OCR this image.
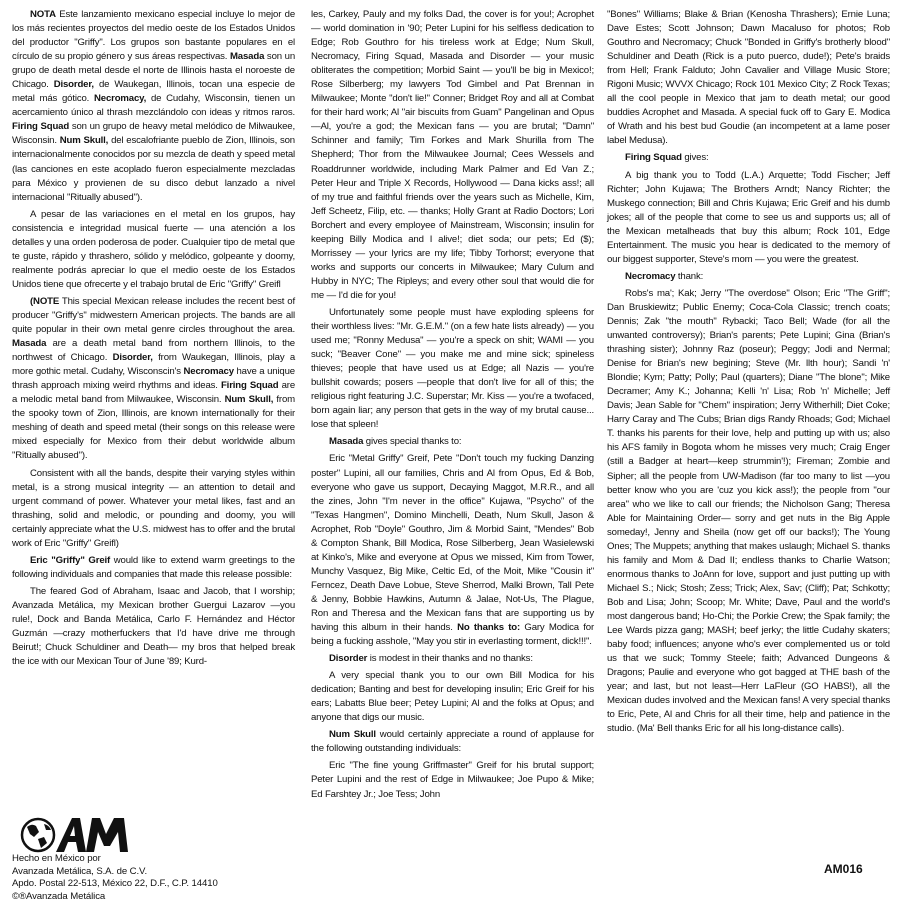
NOTA Este lanzamiento mexicano especial incluye lo mejor de los más recientes proyectos del medio oeste de los Estados Unidos del productor "Griffy". Los grupos son bastante populares en el círculo de su propio género y sus áreas respectivas. Masada son un grupo de death metal desde el norte de Illinois hasta el noroeste de Chicago. Disorder, de Waukegan, Illinois, tocan una especie de metal más gótico. Necromacy, de Cudahy, Wisconsin, tienen un acercamiento único al thrash mezclándolo con ideas y ritmos raros. Firing Squad son un grupo de heavy metal melódico de Milwaukee, Wisconsin. Num Skull, del escalofriante pueblo de Zion, Illinois, son internacionalmente conocidos por su mezcla de death y speed metal (las canciones en este acoplado fueron especialmente mezcladas para México y provienen de su disco debut lanzado a nivel internacional "Ritually abused").

A pesar de las variaciones en el metal en los grupos, hay consistencia e integridad musical fuerte — una atención a los detalles y una orden poderosa de poder. Cualquier tipo de metal que te guste, rápido y thrashero, sólido y melódico, golpeante y doomy, realmente podrás apreciar lo que el medio oeste de los Estados Unidos tiene que ofrecerte y el trabajo brutal de Eric "Griffy" Greifl

(NOTE This special Mexican release includes the recent best of producer "Griffy's" midwestern American projects. The bands are all quite popular in their own metal genre circles throughout the area. Masada are a death metal band from northern Illinois, to the northwest of Chicago. Disorder, from Waukegan, Illinois, play a more gothic metal. Cudahy, Wisconscin's Necromacy have a unique thrash approach mixing weird rhythms and ideas. Firing Squad are a melodic metal band from Milwaukee, Wisconsin. Num Skull, from the spooky town of Zion, Illinois, are known internationally for their meshing of death and speed metal (their songs on this release were mixed especially for Mexico from their debut worldwide album "Ritually abused").

Consistent with all the bands, despite their varying styles within metal, is a strong musical integrity — an attention to detail and urgent command of power. Whatever your metal likes, fast and an thrashing, solid and melodic, or pounding and doomy, you will certainly appreciate what the U.S. midwest has to offer and the brutal work of Eric "Griffy" Greifl)

Eric "Griffy" Greif would like to extend warm greetings to the following individuals and companies that made this release possible:

The feared God of Abraham, Isaac and Jacob, that I worship; Avanzada Metálica, my Mexican brother Guergui Lazarov —you rule!, Dock and Banda Metálica, Carlo F. Hernández and Héctor Guzmán —crazy motherfuckers that I'd have drive me through Beirut!; Chuck Schuldiner and Death— my bros that helped break the ice with our Mexican Tour of June '89; Kurd-

les, Carkey, Pauly and my folks Dad, the cover is for you!; Acrophet — world domination in '90; Peter Lupini for his selfless dedication to Edge; Rob Gouthro for his tireless work at Edge; Num Skull, Necromacy, Firing Squad, Masada and Disorder — your music obliterates the competition; Morbid Saint — you'll be big in Mexico!; Rose Silberberg; my lawyers Tod Gimbel and Pat Brennan in Milwaukee; Monte "don't lie!" Conner; Bridget Roy and all at Combat for their hard work; Al "air biscuits from Guam" Pangelinan and Opus —Al, you're a god; the Mexican fans — you are brutal; "Damn" Schinner and family; Tim Forkes and Mark Shurilla from The Shepherd; Thor from the Milwaukee Journal; Cees Wessels and Roaddrunner worldwide, including Mark Palmer and Ed Van Z.; Peter Heur and Triple X Records, Hollywood — Dana kicks ass!; all of my true and faithful friends over the years such as Michelle, Kim, Jeff Scheetz, Filip, etc. — thanks; Holly Grant at Radio Doctors; Lori Borchert and every employee of Mainstream, Wisconsin; insulin for keeping Billy Modica and I alive!; diet soda; our pets; Ed ($); Morrissey — your lyrics are my life; Tibby Torhorst; everyone that works and supports our concerts in Milwaukee; Mary Culum and Hubby in NYC; The Ripleys; and every other soul that would die for me — I'd die for you!

Unfortunately some people must have exploding spleens for their worthless lives: "Mr. G.E.M." (on a few hate lists already) — you used me; "Ronny Medusa" — you're a speck on shit; WAMI — you suck; "Beaver Cone" — you make me and mine sick; spineless thieves; people that have used us at Edge; all Nazis — you're bullshit cowards; posers —people that don't live for all of this; the religious right featuring J.C. Superstar; Mr. Kiss — you're a twofaced, born again liar; any person that gets in the way of my brutal cause... lose that spleen!

Masada gives special thanks to:

Eric "Metal Griffy" Greif, Pete "Don't touch my fucking Danzing poster" Lupini, all our families, Chris and Al from Opus, Ed & Bob, everyone who gave us support, Decaying Maggot, M.R.R., and all the zines, John "I'm never in the office" Kujawa, "Psycho" of the "Texas Hangmen", Domino Minchelli, Death, Num Skull, Jason & Acrophet, Rob "Doyle" Gouthro, Jim & Morbid Saint, "Mendes" Bob & Compton Shank, Bill Modica, Rose Silberberg, Jean Wasielewski at Kinko's, Mike and everyone at Opus we missed, Kim from Tower, Munchy Vasquez, Big Mike, Celtic Ed, of the Moit, Mike "Cousin it" Ferncez, Death Dave Lobue, Steve Sherrod, Malki Brown, Tall Pete & Jenny, Bobbie Hawkins, Autumn & Jalae, Not-Us, The Plague, Ron and Theresa and the Mexican fans that are supporting us by having this album in their hands. No thanks to: Gary Modica for being a fucking asshole, "May you stir in everlasting torment, dick!!!".

Disorder is modest in their thanks and no thanks:

A very special thank you to our own Bill Modica for his dedication; Banting and best for developing insulin; Eric Greif for his ears; Labatts Blue beer; Petey Lupini; Al and the folks at Opus; and anyone that digs our music.

Num Skull would certainly appreciate a round of applause for the following outstanding individuals:

Eric "The fine young Griffmaster" Greif for his brutal support; Peter Lupini and the rest of Edge in Milwaukee; Joe Pupo & Mike; Ed Farshtey Jr.; Joe Tess; John

"Bones" Williams; Blake & Brian (Kenosha Thrashers); Ernie Luna; Dave Estes; Scott Johnson; Dawn Macaluso for photos; Rob Gouthro and Necromacy; Chuck "Bonded in Griffy's brotherly blood" Schuldiner and Death (Rick is a puto puerco, dude!); Pete's braids from Hell; Frank Falduto; John Cavalier and Village Music Store; Rigoni Music; WVVX Chicago; Rock 101 Mexico City; Z Rock Texas; all the cool people in Mexico that jam to death metal; our good buddies Acrophet and Masada. A special fuck off to Gary E. Modica of Wrath and his best bud Goudie (an incompetent at a lame poser label Medusa).

Firing Squad gives:

A big thank you to Todd (L.A.) Arquette; Todd Fischer; Jeff Richter; John Kujawa; The Brothers Arndt; Nancy Richter; the Muskego connection; Bill and Chris Kujawa; Eric Greif and his dumb jokes; all of the people that come to see us and supports us; all of the Mexican metalheads that buy this album; Rock 101, Edge Entertainment. The music you hear is dedicated to the memory of our biggest supporter, Steve's mom — you were the greatest.

Necromacy thank:

Robs's ma'; Kak; Jerry "The overdose" Olson; Eric "The Griff"; Dan Bruskiewitz; Public Enemy; Coca-Cola Classic; trench coats; Dennis; Zak "the mouth" Rybacki; Taco Bell; Wade (for all the unwanted controversy); Brian's parents; Pete Lupini; Gina (Brian's thrashing sister); Johnny Raz (poseur); Peggy; Jodi and Nermal; Denise for Brian's new begining; Steve (Mr. llth hour); Sandi 'n' Blondie; Kym; Patty; Polly; Paul (quarters); Diane "The blone"; Mike Decramer; Amy K.; Johanna; Kelli 'n' Lisa; Rob 'n' Michelle; Jeff Davis; Jean Sable for "Chem" inspiration; Jerry Witherhill; Diet Coke; Harry Caray and The Cubs; Brian digs Randy Rhoads; God; Michael T. thanks his parents for their love, help and putting up with us; also his AFS family in Bogota whom he misses very much; Craig Enger (still a Badger at heart—keep strummin'!); Fireman; Zombie and Sipher; all the people from UW-Madison (far too many to list —you better know who you are 'cuz you kick ass!); the people from "our area" who we like to call our friends; the Nicholson Gang; Theresa Able for Maintaining Order— sorry and get nuts in the Big Apple someday!, Jenny and Sheila (now get off our backs!); The Young Ones; The Muppets; anything that makes uslaugh; Michael S. thanks his family and Mom & Dad II; endless thanks to Charlie Watson; enormous thanks to JoAnn for love, support and just putting up with Michael S.; Nick; Stosh; Zess; Trick; Alex, Sav; (Cliff); Pat; Schkotty; Bob and Lisa; John; Scoop; Mr. White; Dave, Paul and the world's most dangerous band; Ho-Chi; the Porkie Crew; the Spak family; the Lee Wards pizza gang; MASH; beef jerky; the little Cudahy skaters; baby food; influences; anyone who's ever complemented us or told us that we suck; Tommy Steele; faith; Advanced Dungeons & Dragons; Paulie and everyone who got bagged at THE bash of the year; and last, but not least—Herr LaFleur (GO HABS!), all the Mexican dudes involved and the Mexican fans! A very special thanks to Eric, Pete, Al and Chris for all their time, help and patience in the studio. (Ma' Bell thanks Eric for all his long-distance calls).

Hecho en México por
Avanzada Metálica, S.A. de C.V.
Apdo. Postal 22-513, México 22, D.F., C.P. 14410
©®Avanzada Metálica
AM016
